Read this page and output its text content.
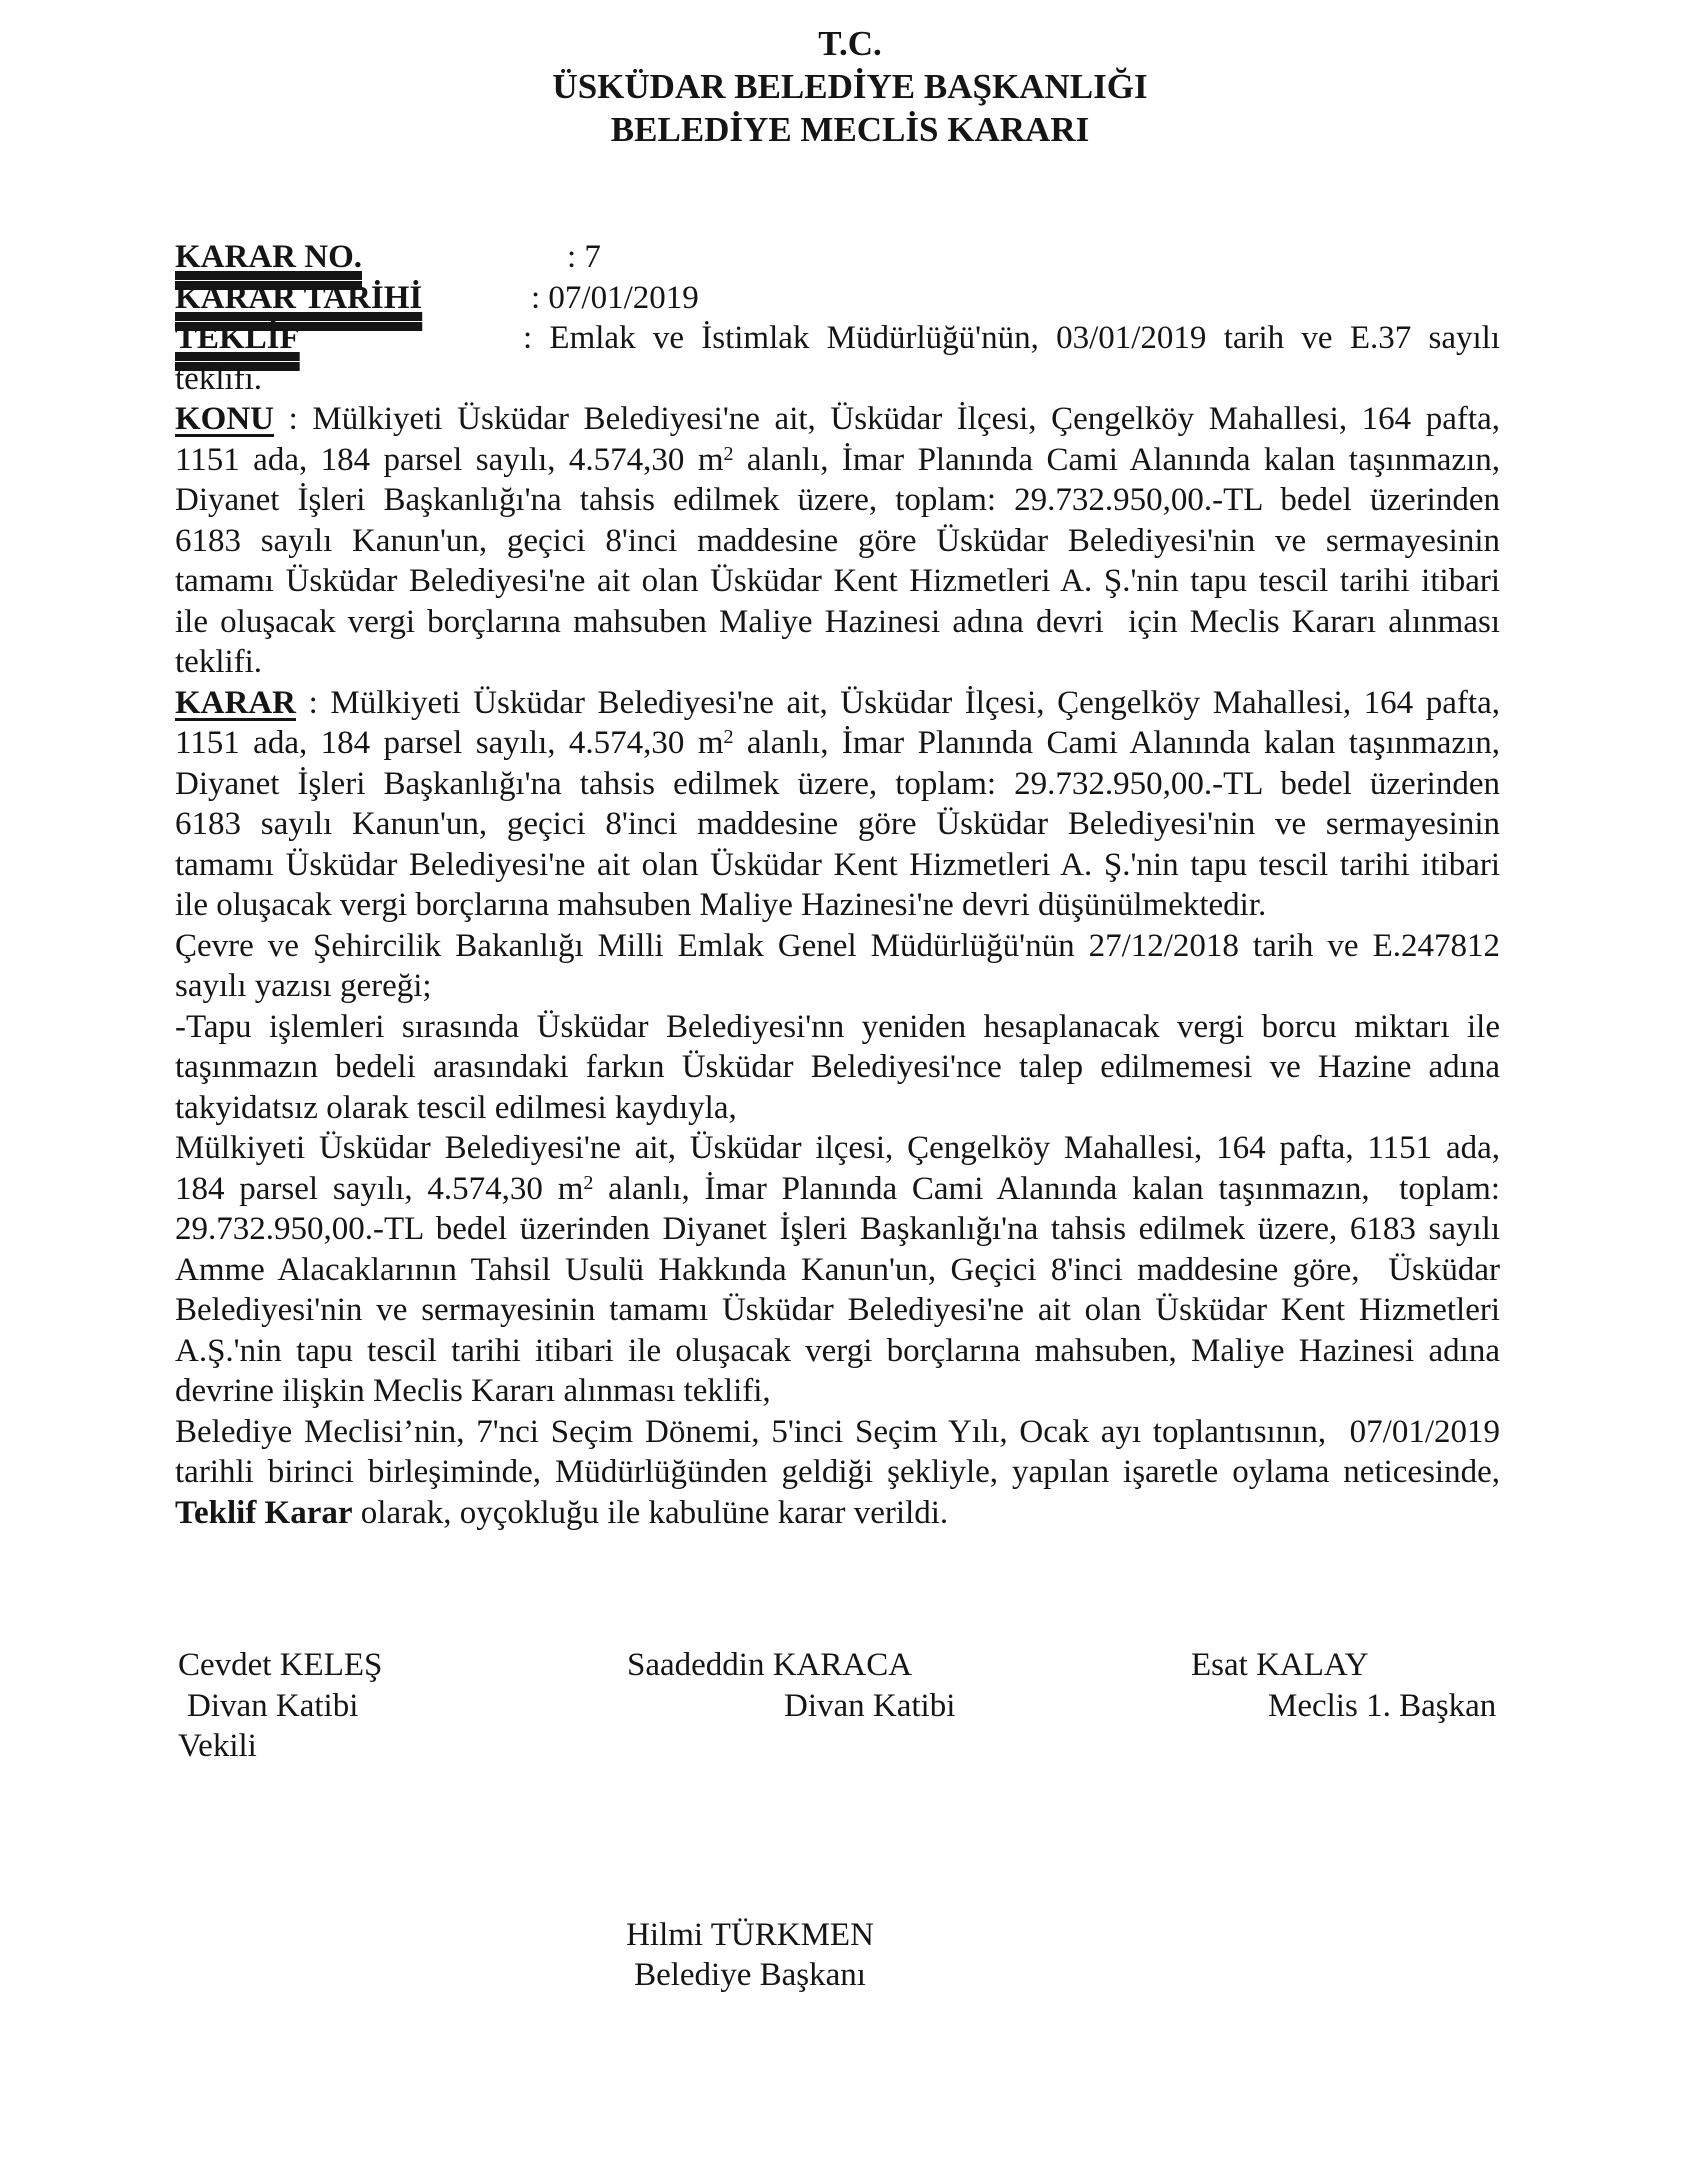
T.C.
ÜSKÜDAR BELEDİYE BAŞKANLIĞI
BELEDİYE MECLİS KARARI
KARAR NO.	: 7
KARAR TARİHİ	: 07/01/2019
TEKLİF	: Emlak ve İstimlak Müdürlüğü'nün, 03/01/2019 tarih ve E.37 sayılı
teklifi.
KONU : Mülkiyeti Üsküdar Belediyesi'ne ait, Üsküdar İlçesi, Çengelköy Mahallesi, 164 pafta,
1151 ada, 184 parsel sayılı, 4.574,30 $m^2$ alanlı, İmar Planında Cami Alanında kalan taşınmazın,
Diyanet İşleri Başkanlığı'na tahsis edilmek üzere, toplam: 29.732.950,00.-TL bedel üzerinden
6183 sayılı Kanun'un, geçici 8'inci maddesine göre Üsküdar Belediyesi'nin ve sermayesinin
tamamı Üsküdar Belediyesi'ne ait olan Üsküdar Kent Hizmetleri A. Ş.'nin tapu tescil tarihi itibari
ile oluşacak vergi borçlarına mahsuben Maliye Hazinesi adına devri  için Meclis Kararı alınması
teklifi.
KARAR : Mülkiyeti Üsküdar Belediyesi'ne ait, Üsküdar İlçesi, Çengelköy Mahallesi, 164 pafta,
1151 ada, 184 parsel sayılı, 4.574,30 $m^2$ alanlı, İmar Planında Cami Alanında kalan taşınmazın,
Diyanet İşleri Başkanlığı'na tahsis edilmek üzere, toplam: 29.732.950,00.-TL bedel üzerinden
6183 sayılı Kanun'un, geçici 8'inci maddesine göre Üsküdar Belediyesi'nin ve sermayesinin
tamamı Üsküdar Belediyesi'ne ait olan Üsküdar Kent Hizmetleri A. Ş.'nin tapu tescil tarihi itibari
ile oluşacak vergi borçlarına mahsuben Maliye Hazinesi'ne devri düşünülmektedir.
Çevre ve Şehircilik Bakanlığı Milli Emlak Genel Müdürlüğü'nün 27/12/2018 tarih ve E.247812
sayılı yazısı gereği;
-Tapu işlemleri sırasında Üsküdar Belediyesi'nn yeniden hesaplanacak vergi borcu miktarı ile
taşınmazın bedeli arasındaki farkın Üsküdar Belediyesi'nce talep edilmemesi ve Hazine adına
takyidatsız olarak tescil edilmesi kaydıyla,
Mülkiyeti Üsküdar Belediyesi'ne ait, Üsküdar ilçesi, Çengelköy Mahallesi, 164 pafta, 1151 ada,
184 parsel sayılı, 4.574,30 $m^2$ alanlı, İmar Planında Cami Alanında kalan taşınmazın,  toplam:
29.732.950,00.-TL bedel üzerinden Diyanet İşleri Başkanlığı'na tahsis edilmek üzere, 6183 sayılı
Amme Alacaklarının Tahsil Usulü Hakkında Kanun'un, Geçici 8'inci maddesine göre,  Üsküdar
Belediyesi'nin ve sermayesinin tamamı Üsküdar Belediyesi'ne ait olan Üsküdar Kent Hizmetleri
A.Ş.'nin tapu tescil tarihi itibari ile oluşacak vergi borçlarına mahsuben, Maliye Hazinesi adına
devrine ilişkin Meclis Kararı alınması teklifi,
Belediye Meclisi’nin, 7'nci Seçim Dönemi, 5'inci Seçim Yılı, Ocak ayı toplantısının,  07/01/2019
tarihli birinci birleşiminde, Müdürlüğünden geldiği şekliyle, yapılan işaretle oylama neticesinde,
Teklif Karar olarak, oyçokluğu ile kabulüne karar verildi.
Cevdet KELEŞ	Saadeddin KARACA	Esat KALAY
Divan Katibi	Divan Katibi	Meclis 1. Başkan
Vekili
Hilmi TÜRKMEN
Belediye Başkanı
